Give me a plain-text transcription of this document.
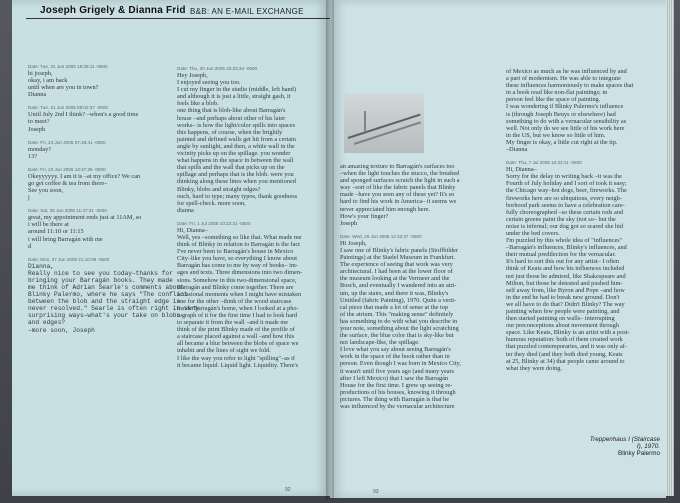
Joseph Grigely & Dianna Frid B&B: AN E-MAIL EXCHANGE
Date: Tue, 21 Jun 2005 15:35:11 -0500
hi joseph,
okay, i am back
until when are you in town?
Dianna
Date: Tue, 21 Jun 2005 08:02:37 -0500
Until July 2nd I think? –when's a good time
to meet?
Joseph
Date: Fri, 24 Jun 2005 07:46:41 -0500
monday?
13?
Date: Fri, 24 Jun 2005 13:47:26 -0500
Okeyyyyyy. I am it is –at my office? We can
go get coffee & tea from there–
See you soon,
j
Date: Sat, 25 Jun 2005 11:47:31 -0500
great, my appointment ends just at 11AM, so
i will be there at
around 11:10 or 11:15
i will bring Barragán with me
d
Date: Mon, 27 Jun 2005 21:10:09 -0500
Dianna,
Really nice to see you today–thanks for
bringing your Barragán books. They made
me think of Adrian Searle's comments about
Blinky Palermo, where he says "The conflict
between the blob and the straight edge is
never resolved." Searle is often right in very
surprising ways–what's your take on blobs
and edges?
–more soon, Joseph
Date: Thu, 30 Jun 2005 23:23:34 -0500
Hey Joseph,
I enjoyed seeing you too.
I cut my finger in the studio (middle, left hand)
and although it is just a little, straight gash, it
feels like a blob.
one thing that is blob-like about Barragán's
house –and perhaps about other of his later
works– is how the light/color spills into spaces
this happens, of course, when the brightly
painted and defined walls get hit from a certain
angle by sunlight, and then, a white wall in the
vicinity picks up on the spillage. you wonder
what happens in the space in between the wall
that spills and the wall that picks up on the
spillage and perhaps that is the blob. were you
thinking along these lines when you mentioned
Blinky, blobs and straight edges?
ouch, hard to type; many typos, thank goodness
for spell-check. more soon,
dianna
Date: Fri, 1 Jul 2005 10:33:31 -0500
Hi, Dianna–
Well, yes –something so like that. What made me
think of Blinky in relation to Barragán is the fact
I've never been to Barragán's house in Mexico
City–like you have, so everything I know about
Barragán has come to me by way of books– im-
ages and texts. Three dimensions into two dimen-
sions. Somehow in this two-dimensional space,
Barragán and Blinky come together. There are
occasional moments when I might have mistaken
one for the other –think of the wood staircase
inside Barragán's home, when I looked at a pho-
tograph of it for the first time I had to look hard
to separate it from the wall –and it made me
think of the print Blinky made of the profile of
a staircase placed against a wall –and how this
all became a blur between the blobs of space we
inhabit and the lines of sight we fold.
I like the way you refer to light "spilling"–as if
it became liquid. Liquid light. Liquidity. There's
an amazing texture to Barragán's surfaces too
–when the light touches the stucco, the brushed
and sponged surfaces scratch the light in such a
way –sort of like the fabric panels that Blinky
made –have you seen any of these yet? It's so
hard to find his work in America– it seems we
never appreciated him enough here.
How's your finger?
Joseph
Date: Wed, 29 Jun 2005 12:43:37 -0500
Hi Joseph,
I saw one of Blinky's fabric panels (Stoffbilder
Paintings) at the Stadel Museum in Frankfurt.
The experience of seeing that work was very
architectural. I had been at the lower floor of
the museum looking at the Vermeer and the
Bosch, and eventually I wandered into an atri-
um, up the stairs, and there it was, Blinky's
Untitled (fabric Painting), 1970. Quite a verti-
cal piece that made a lot of sense at the top
of the atrium. This "making sense" definitely
has something to do with what you describe in
your note, something about the light scratching
the surface, the blue color that is sky-like but
not landscape-like, the spillage.
I love what you say about seeing Barragán's
work in the space of the book rather than in
person. Even though I was born in Mexico City,
it wasn't until five years ago (and many years
after I left Mexico) that I saw the Barragán
House for the first time. I grew up seeing re-
productions of his houses, knowing it through
pictures. The thing with Barragán is that he
was influenced by the vernacular architecture
of Mexico as much as he was influenced by and
a part of modernism. He was able to integrate
these influences harmoniously to make spaces that
in a book read like non-flat paintings; in
person feel like the space of painting.
I was wondering if Blinky Palermo's influence
is (through Joseph Beuys or elsewhere) had
something to do with a vernacular sensibility as
well. Not only do we see little of his work here
in the US, but we know so little of him.
My finger is okay, a little cut right at the tip.
–Dianna
Date: Thu, 7 Jul 2005 15:33:11 -0500
Hi, Dianna–
Sorry for the delay in writing back –it was the
Fourth of July holiday and I sort of took it easy;
the Chicago way–hot dogs, beer, fireworks. The
fireworks here are so ubiquitous, every neigh-
borhood park seems to have a celebration care-
fully choreographed –so these certain reds and
certain greens paint the sky (not so– but the
noise is infernal; our dog got so scared she hid
under the bed covers.
I'm puzzled by this whole idea of "influences"
–Barragán's influences, Blinky's influences, and
their mutual predilection for the vernacular.
It's hard to sort this out for any artist– I often
think of Keats and how his influences included
not just those he admired, like Shakespeare and
Milton, but those he detested and pushed him-
self away from, like Byron and Pope –and how
in the end he had to break new ground. Don't
we all have to do that? Didn't Blinky? The way
painting when few people were painting, and
then started painting on walls– interrupting
our preconceptions about movement through
space. Like Keats, Blinky is an artist with a post-
humous reputation: both of them created work
that puzzled contemporaries, and it was only af-
ter they died (and they both died young, Keats
at 25, Blinky at 34) that people came around to
what they were doing.
Treppenhaus I (Staircase I), 1970.
Blinky Palermo
92	93
